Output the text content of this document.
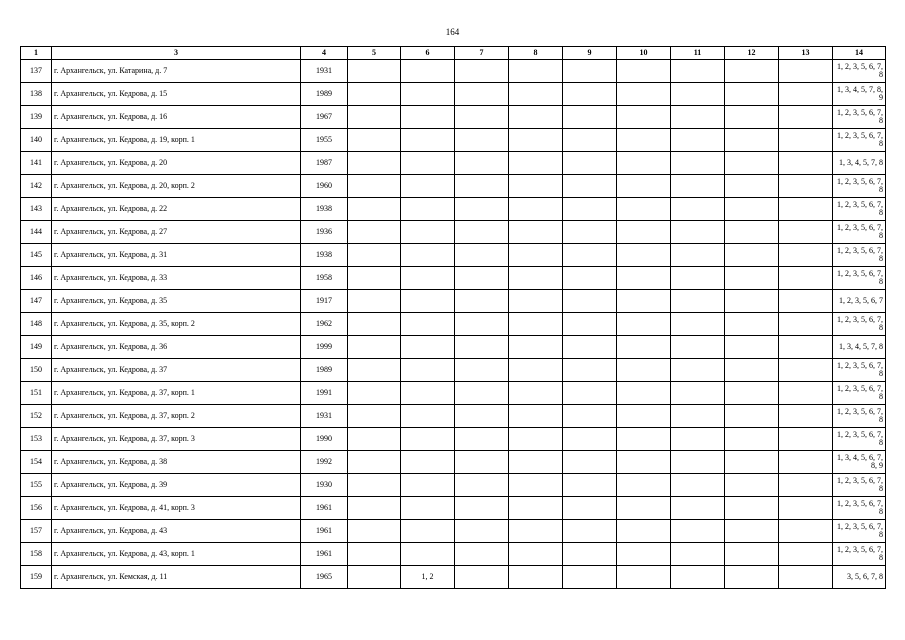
164
1	3	4	5	6	7	8	9	10	11	12	13	14
137	г. Архангельск, ул. Катарина, д. 7	1931										1, 2, 3, 5, 6, 7, 8
138	г. Архангельск, ул. Кедрова, д. 15	1989										1, 3, 4, 5, 7, 8, 9
139	г. Архангельск, ул. Кедрова, д. 16	1967										1, 2, 3, 5, 6, 7, 8
140	г. Архангельск, ул. Кедрова, д. 19, корп. 1	1955										1, 2, 3, 5, 6, 7, 8
141	г. Архангельск, ул. Кедрова, д. 20	1987										1, 3, 4, 5, 7, 8
142	г. Архангельск, ул. Кедрова, д. 20, корп. 2	1960										1, 2, 3, 5, 6, 7, 8
143	г. Архангельск, ул. Кедрова, д. 22	1938										1, 2, 3, 5, 6, 7, 8
144	г. Архангельск, ул. Кедрова, д. 27	1936										1, 2, 3, 5, 6, 7, 8
145	г. Архангельск, ул. Кедрова, д. 31	1938										1, 2, 3, 5, 6, 7, 8
146	г. Архангельск, ул. Кедрова, д. 33	1958										1, 2, 3, 5, 6, 7, 8
147	г. Архангельск, ул. Кедрова, д. 35	1917										1, 2, 3, 5, 6, 7
148	г. Архангельск, ул. Кедрова, д. 35, корп. 2	1962										1, 2, 3, 5, 6, 7, 8
149	г. Архангельск, ул. Кедрова, д. 36	1999										1, 3, 4, 5, 7, 8
150	г. Архангельск, ул. Кедрова, д. 37	1989										1, 2, 3, 5, 6, 7, 8
151	г. Архангельск, ул. Кедрова, д. 37, корп. 1	1991										1, 2, 3, 5, 6, 7, 8
152	г. Архангельск, ул. Кедрова, д. 37, корп. 2	1931										1, 2, 3, 5, 6, 7, 8
153	г. Архангельск, ул. Кедрова, д. 37, корп. 3	1990										1, 2, 3, 5, 6, 7, 8
154	г. Архангельск, ул. Кедрова, д. 38	1992										1, 3, 4, 5, 6, 7, 8, 9
155	г. Архангельск, ул. Кедрова, д. 39	1930										1, 2, 3, 5, 6, 7, 8
156	г. Архангельск, ул. Кедрова, д. 41, корп. 3	1961										1, 2, 3, 5, 6, 7, 8
157	г. Архангельск, ул. Кедрова, д. 43	1961										1, 2, 3, 5, 6, 7, 8
158	г. Архангельск, ул. Кедрова, д. 43, корп. 1	1961										1, 2, 3, 5, 6, 7, 8
159	г. Архангельск, ул. Кемская, д. 11	1965		1, 2								3, 5, 6, 7, 8
